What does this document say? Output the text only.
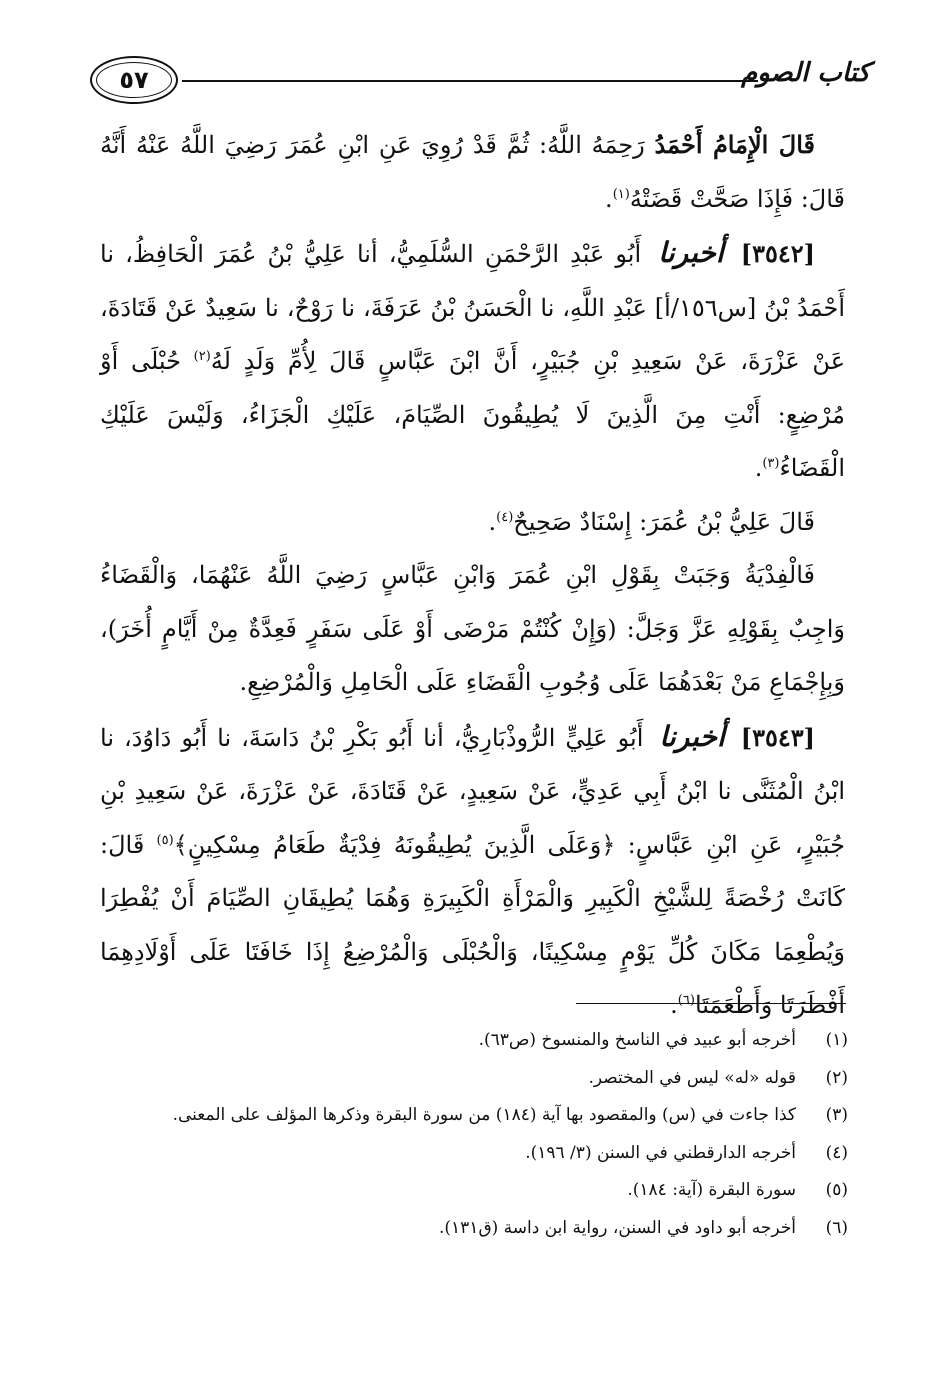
كتاب الصوم
٥٧

قَالَ الْإِمَامُ أَحْمَدُ رَحِمَهُ اللَّهُ: ثُمَّ قَدْ رُوِيَ عَنِ ابْنِ عُمَرَ رَضِيَ اللَّهُ عَنْهُ أَنَّهُ قَالَ: فَإِذَا صَحَّتْ قَضَتْهُ$^{(١)}$.

[٣٥٤٢] أخبرنا أَبُو عَبْدِ الرَّحْمَنِ السُّلَمِيُّ، أنا عَلِيُّ بْنُ عُمَرَ الْحَافِظُ، نا أَحْمَدُ بْنُ [س١٥٦/أ] عَبْدِ اللَّهِ، نا الْحَسَنُ بْنُ عَرَفَةَ، نا رَوْحٌ، نا سَعِيدٌ عَنْ قَتَادَةَ، عَنْ عَزْرَةَ، عَنْ سَعِيدِ بْنِ جُبَيْرٍ، أَنَّ ابْنَ عَبَّاسٍ قَالَ لِأُمِّ وَلَدٍ لَهُ$^{(٢)}$ حُبْلَى أَوْ مُرْضِعٍ: أَنْتِ مِنَ الَّذِينَ لَا يُطِيقُونَ الصِّيَامَ، عَلَيْكِ الْجَزَاءُ، وَلَيْسَ عَلَيْكِ الْقَضَاءُ$^{(٣)}$.

قَالَ عَلِيُّ بْنُ عُمَرَ: إِسْنَادٌ صَحِيحٌ$^{(٤)}$.

فَالْفِدْيَةُ وَجَبَتْ بِقَوْلِ ابْنِ عُمَرَ وَابْنِ عَبَّاسٍ رَضِيَ اللَّهُ عَنْهُمَا، وَالْقَضَاءُ وَاجِبٌ بِقَوْلِهِ عَزَّ وَجَلَّ: (وَإِنْ كُنْتُمْ مَرْضَى أَوْ عَلَى سَفَرٍ فَعِدَّةٌ مِنْ أَيَّامٍ أُخَرَ)، وَبِإِجْمَاعِ مَنْ بَعْدَهُمَا عَلَى وُجُوبِ الْقَضَاءِ عَلَى الْحَامِلِ وَالْمُرْضِعِ.

[٣٥٤٣] أخبرنا أَبُو عَلِيٍّ الرُّوذْبَارِيُّ، أنا أَبُو بَكْرِ بْنُ دَاسَةَ، نا أَبُو دَاوُدَ، نا ابْنُ الْمُثَنَّى نا ابْنُ أَبِي عَدِيٍّ، عَنْ سَعِيدٍ، عَنْ قَتَادَةَ، عَنْ عَزْرَةَ، عَنْ سَعِيدِ بْنِ جُبَيْرٍ، عَنِ ابْنِ عَبَّاسٍ: ﴿وَعَلَى الَّذِينَ يُطِيقُونَهُ فِدْيَةٌ طَعَامُ مِسْكِينٍ﴾$^{(٥)}$ قَالَ: كَانَتْ رُخْصَةً لِلشَّيْخِ الْكَبِيرِ وَالْمَرْأَةِ الْكَبِيرَةِ وَهُمَا يُطِيقَانِ الصِّيَامَ أَنْ يُفْطِرَا وَيُطْعِمَا مَكَانَ كُلِّ يَوْمٍ مِسْكِينًا، وَالْحُبْلَى وَالْمُرْضِعُ إِذَا خَافَتَا عَلَى أَوْلَادِهِمَا أَفْطَرَتَا وَأَطْعَمَتَا$^{(٦)}$.

(١)أخرجه أبو عبيد في الناسخ والمنسوخ (ص٦٣).
(٢)قوله «له» ليس في المختصر.
(٣)كذا جاءت في (س) والمقصود بها آية (١٨٤) من سورة البقرة وذكرها المؤلف على المعنى.
(٤)أخرجه الدارقطني في السنن (٣/ ١٩٦).
(٥)سورة البقرة (آية: ١٨٤).
(٦)أخرجه أبو داود في السنن، رواية ابن داسة (ق١٣١).
